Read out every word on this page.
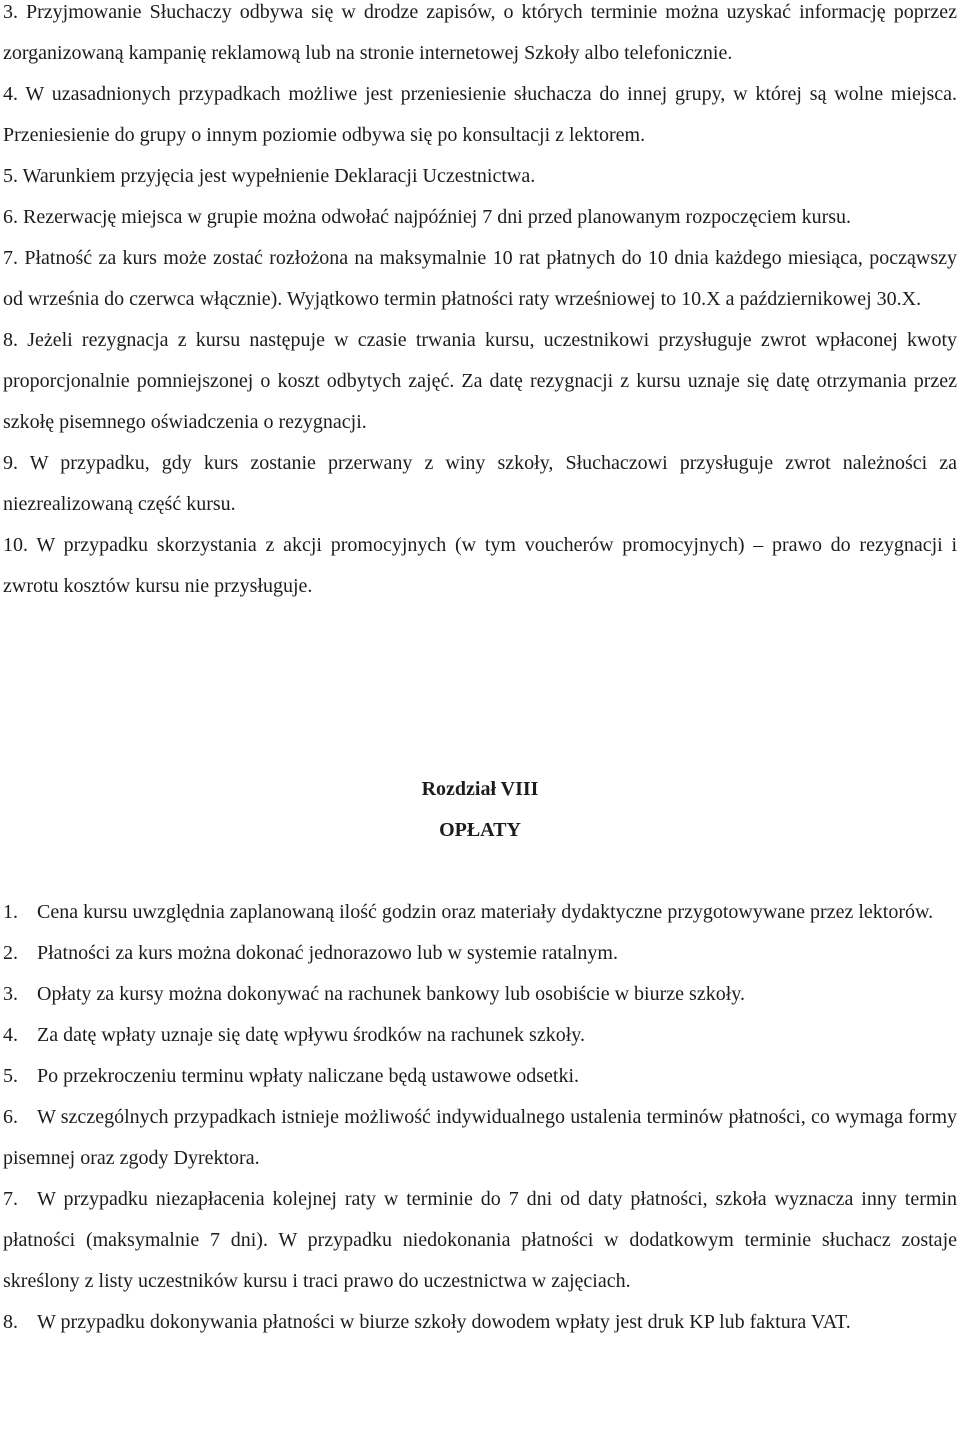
3. Przyjmowanie Słuchaczy odbywa się w drodze zapisów, o których terminie można uzyskać informację poprzez zorganizowaną kampanię reklamową lub na stronie internetowej Szkoły albo telefonicznie.

4. W uzasadnionych przypadkach możliwe jest przeniesienie słuchacza do innej grupy, w której są wolne miejsca. Przeniesienie do grupy o innym poziomie odbywa się po konsultacji z lektorem.

5. Warunkiem przyjęcia jest wypełnienie Deklaracji Uczestnictwa.

6. Rezerwację miejsca w grupie można odwołać najpóźniej 7 dni przed planowanym rozpoczęciem kursu.

7. Płatność za kurs może zostać rozłożona na maksymalnie 10 rat płatnych do 10 dnia każdego miesiąca, począwszy od września do czerwca włącznie). Wyjątkowo termin płatności raty wrześniowej to 10.X a październikowej 30.X.

8. Jeżeli rezygnacja z kursu następuje w czasie trwania kursu, uczestnikowi przysługuje zwrot wpłaconej kwoty proporcjonalnie pomniejszonej o koszt odbytych zajęć. Za datę rezygnacji z kursu uznaje się datę otrzymania przez szkołę pisemnego oświadczenia o rezygnacji.

9. W przypadku, gdy kurs zostanie przerwany z winy szkoły, Słuchaczowi przysługuje zwrot należności za niezrealizowaną część kursu.

10. W przypadku skorzystania z akcji promocyjnych (w tym voucherów promocyjnych) – prawo do rezygnacji i zwrotu kosztów kursu nie przysługuje.

Rozdział VIII

OPŁATY

1. Cena kursu uwzględnia zaplanowaną ilość godzin oraz materiały dydaktyczne przygotowywane przez lektorów.

2. Płatności za kurs można dokonać jednorazowo lub w systemie ratalnym.

3. Opłaty za kursy można dokonywać na rachunek bankowy lub osobiście w biurze szkoły.

4. Za datę wpłaty uznaje się datę wpływu środków na rachunek szkoły.

5. Po przekroczeniu terminu wpłaty naliczane będą ustawowe odsetki.

6. W szczególnych przypadkach istnieje możliwość indywidualnego ustalenia terminów płatności, co wymaga formy pisemnej oraz zgody Dyrektora.

7. W przypadku niezapłacenia kolejnej raty w terminie do 7 dni od daty płatności, szkoła wyznacza inny termin płatności (maksymalnie 7 dni). W przypadku niedokonania płatności w dodatkowym terminie słuchacz zostaje skreślony z listy uczestników kursu i traci prawo do uczestnictwa w zajęciach.

8. W przypadku dokonywania płatności w biurze szkoły dowodem wpłaty jest druk KP lub faktura VAT.
